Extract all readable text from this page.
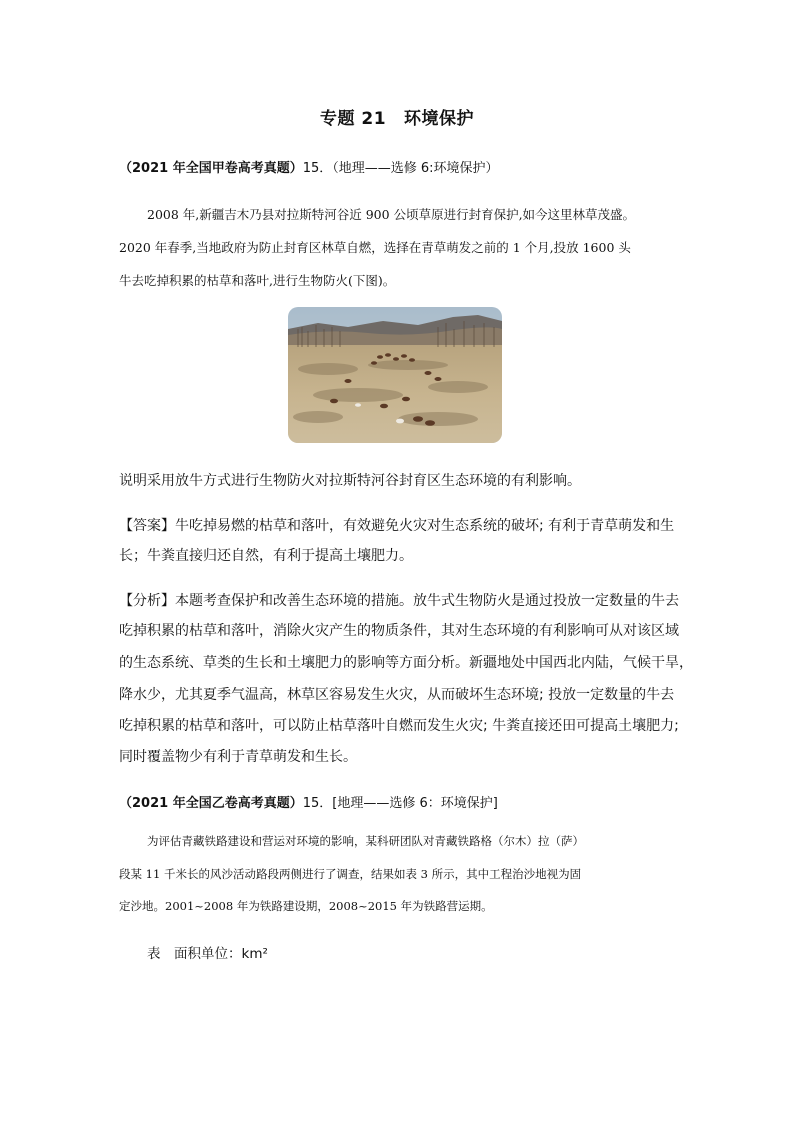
专题 21 环境保护
（2021 年全国甲卷高考真题）15．（地理——选修 6:环境保护）
2008 年,新疆吉木乃县对拉斯特河谷近 900 公顷草原进行封育保护,如今这里林草茂盛。
2020 年春季,当地政府为防止封育区林草自燃，选择在青草萌发之前的 1 个月,投放 1600 头
牛去吃掉积累的枯草和落叶,进行生物防火(下图)。
说明采用放牛方式进行生物防火对拉斯特河谷封育区生态环境的有利影响。
【答案】牛吃掉易燃的枯草和落叶，有效避免火灾对生态系统的破坏; 有利于青草萌发和生
长；牛粪直接归还自然，有利于提高土壤肥力。
【分析】本题考查保护和改善生态环境的措施。放牛式生物防火是通过投放一定数量的牛去
吃掉积累的枯草和落叶，消除火灾产生的物质条件，其对生态环境的有利影响可从对该区域
的生态系统、草类的生长和土壤肥力的影响等方面分析。新疆地处中国西北内陆，气候干旱，
降水少，尤其夏季气温高，林草区容易发生火灾，从而破坏生态环境; 投放一定数量的牛去
吃掉积累的枯草和落叶，可以防止枯草落叶自燃而发生火灾; 牛粪直接还田可提高土壤肥力;
同时覆盖物少有利于青草萌发和生长。
（2021 年全国乙卷高考真题）15．[地理——选修 6：环境保护]
为评估青藏铁路建设和营运对环境的影响，某科研团队对青藏铁路格（尔木）拉（萨）
段某 11 千米长的风沙活动路段两侧进行了调查，结果如表 3 所示，其中工程治沙地视为固
定沙地。2001~2008 年为铁路建设期，2008~2015 年为铁路营运期。
表　面积单位：km²
